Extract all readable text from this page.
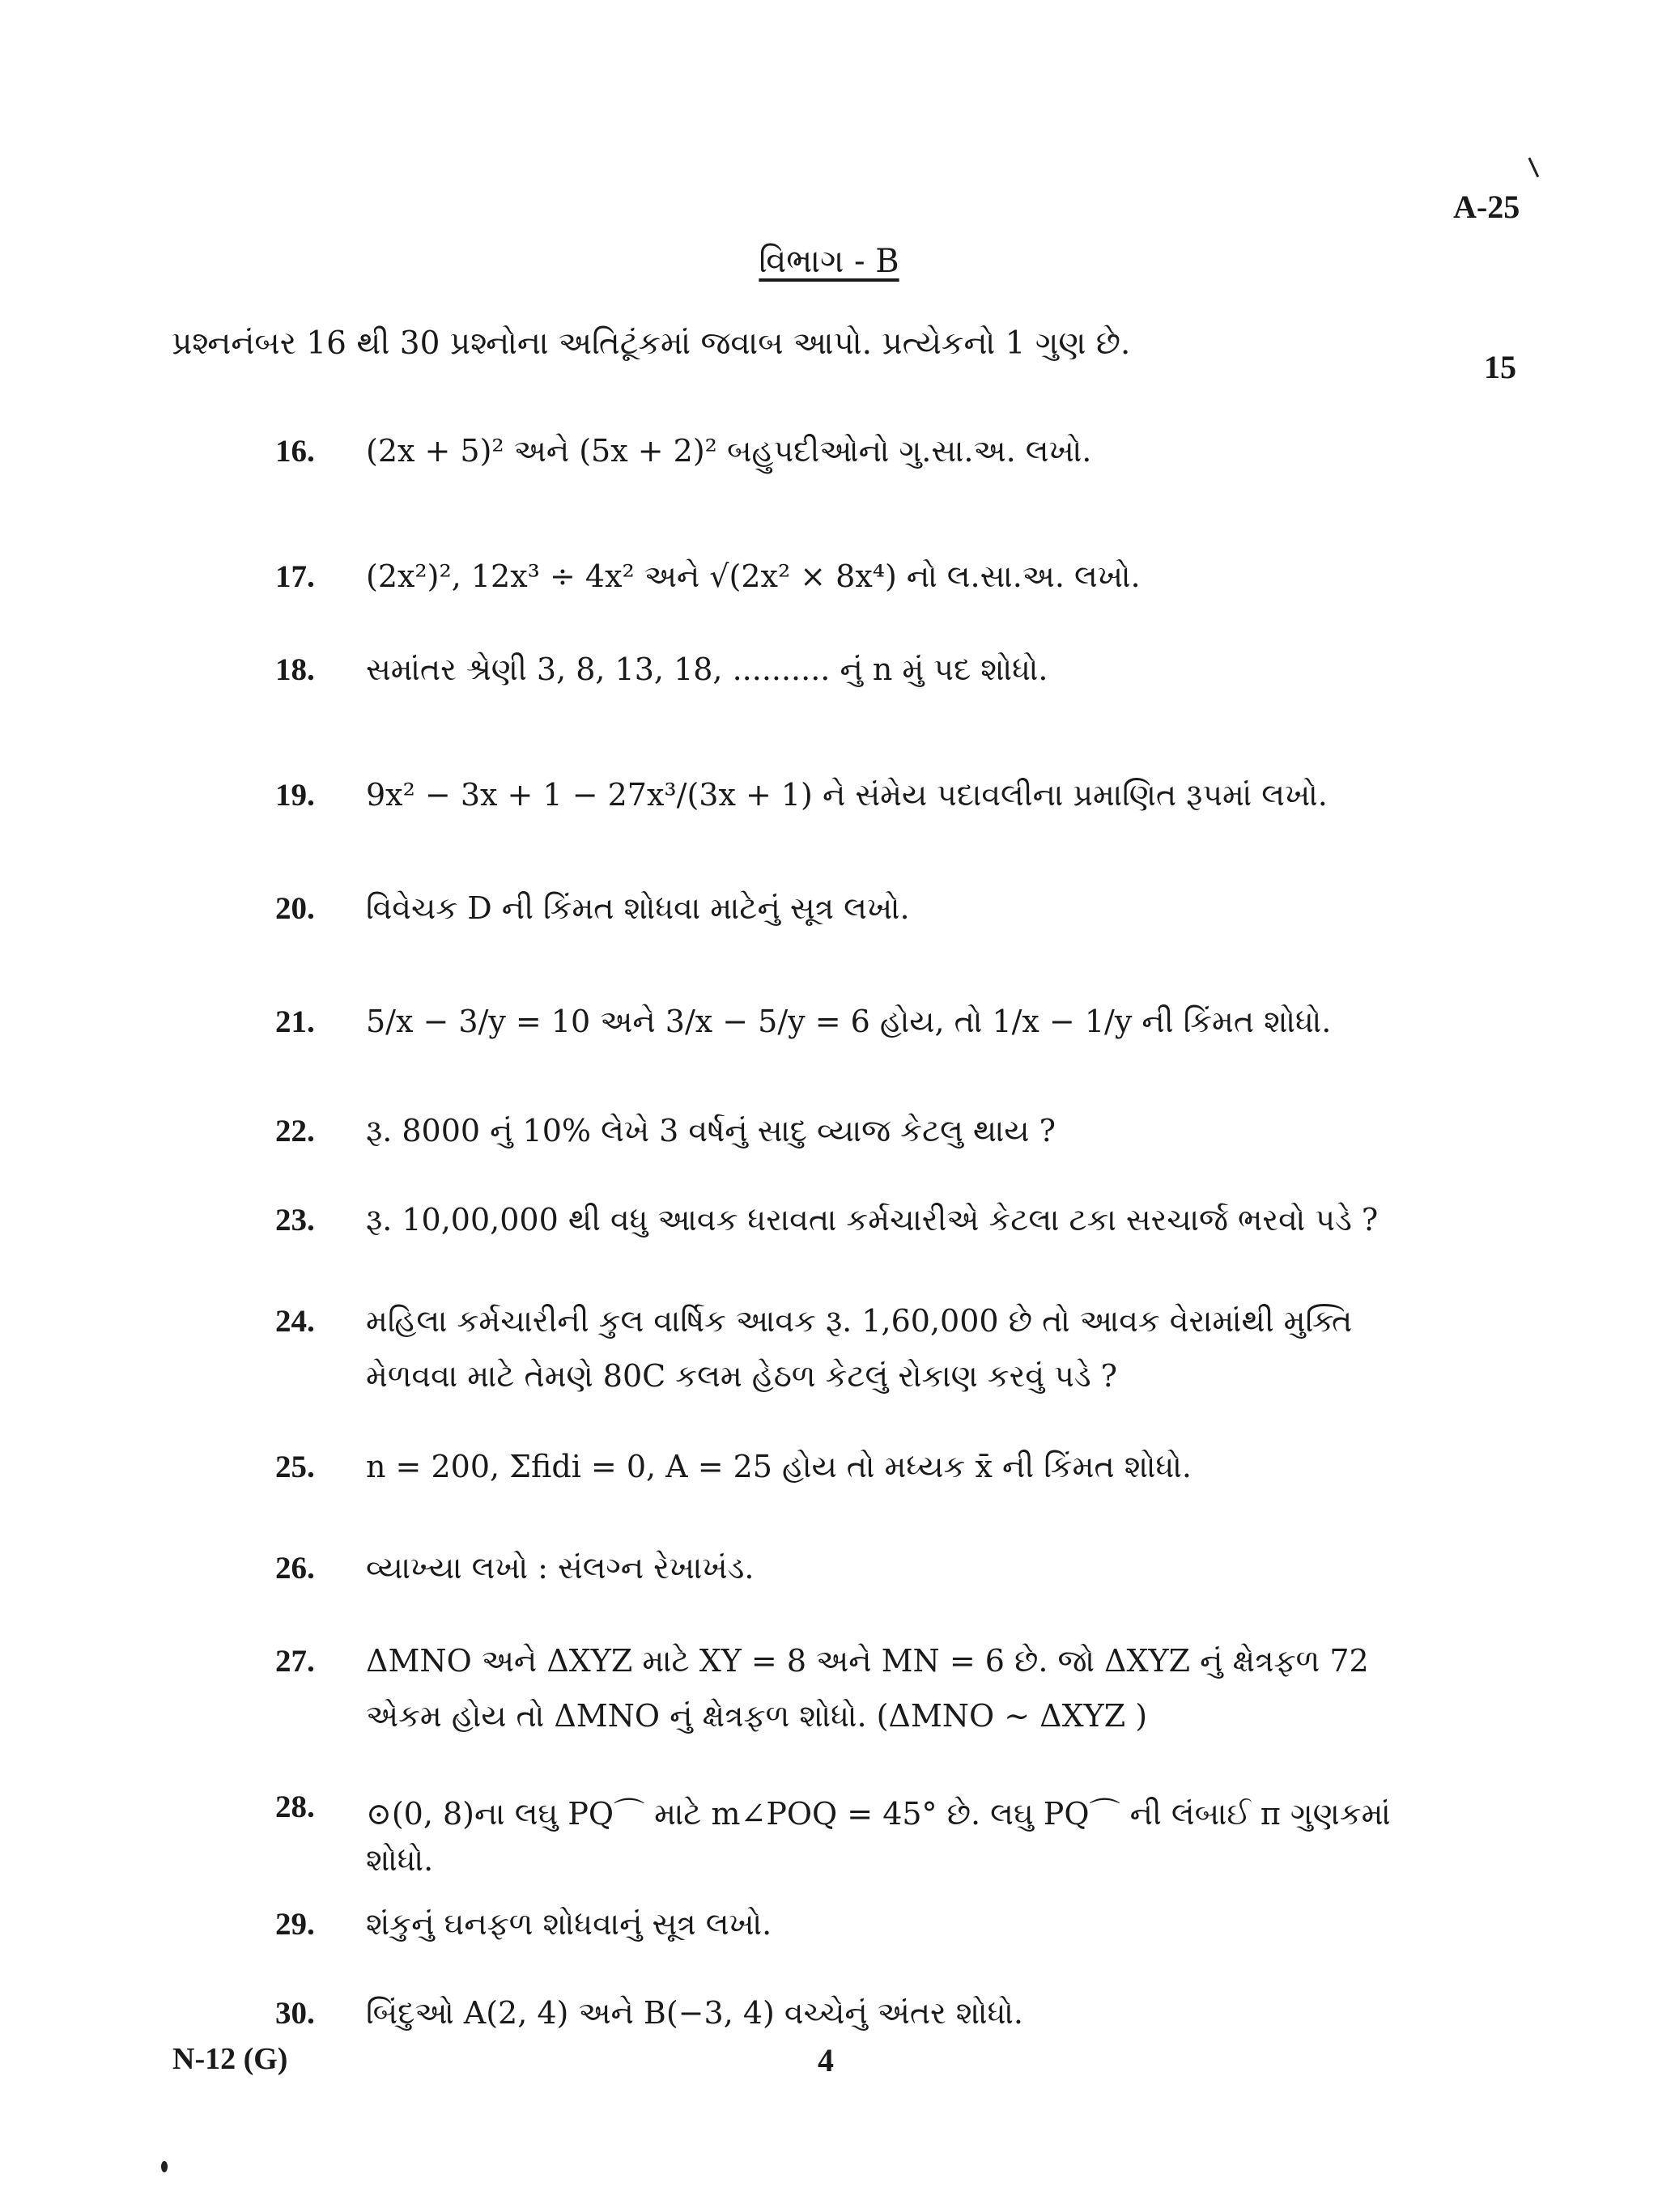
A-25
વિભાગ - B
પ્રશ્નનંબર 16 થી 30 પ્રશ્નોના અતિટૂંકમાં જવાબ આપો. પ્રત્યેકનો 1 ગુણ છે.
15
16. (2x + 5)² અને (5x + 2)² બહુપદીઓનો ગુ.સા.અ. લખો.
17. (2x²)², 12x³ ÷ 4x² અને √(2x² × 8x⁴) નો લ.સા.અ. લખો.
18. સમાંતર શ્રેણી 3, 8, 13, 18, .......... નું n મું પદ શોધો.
19. 9x² − 3x + 1 − 27x³/(3x + 1) ને સંમેય પદાવલીના પ્રમાણિત રૂપમાં લખો.
20. વિવેચક D ની કિંમત શોધવા માટેનું સૂત્ર લખો.
21. 5/x − 3/y = 10 અને 3/x − 5/y = 6 હોય, તો 1/x − 1/y ની કિંમત શોધો.
22. રૂ. 8000 નું 10% લેખે 3 વર્ષનું સાદુ વ્યાજ કેટલુ થાય ?
23. રૂ. 10,00,000 થી વધુ આવક ધરાવતા કર્મચારીએ કેટલા ટકા સરચાર્જ ભરવો પડે ?
24. મહિલા કર્મચારીની કુલ વાર્ષિક આવક રૂ. 1,60,000 છે તો આવક વેરામાંથી મુક્તિ
મેળવવા માટે તેમણે 80C કલમ હેઠળ કેટલું રોકાણ કરવું પડે ?
25. n = 200, Σfidi = 0, A = 25 હોય તો મધ્યક x̄ ની કિંમત શોધો.
26. વ્યાખ્યા લખો : સંલગ્ન રેખાખંડ.
27. ΔMNO અને ΔXYZ માટે XY = 8 અને MN = 6 છે. જો ΔXYZ નું ક્ષેત્રફળ 72
એકમ હોય તો ΔMNO નું ક્ષેત્રફળ શોધો. (ΔMNO ~ ΔXYZ )
28. ⊙(0, 8)ના લઘુ PQ⌒ માટે m∠POQ = 45° છે. લઘુ PQ⌒ ની લંબાઈ π ગુણકમાં
શોધો.
29. શંકુનું ઘનફળ શોધવાનું સૂત્ર લખો.
30. બિંદુઓ A(2, 4) અને B(−3, 4) વચ્ચેનું અંતર શોધો.
N-12 (G)	4
